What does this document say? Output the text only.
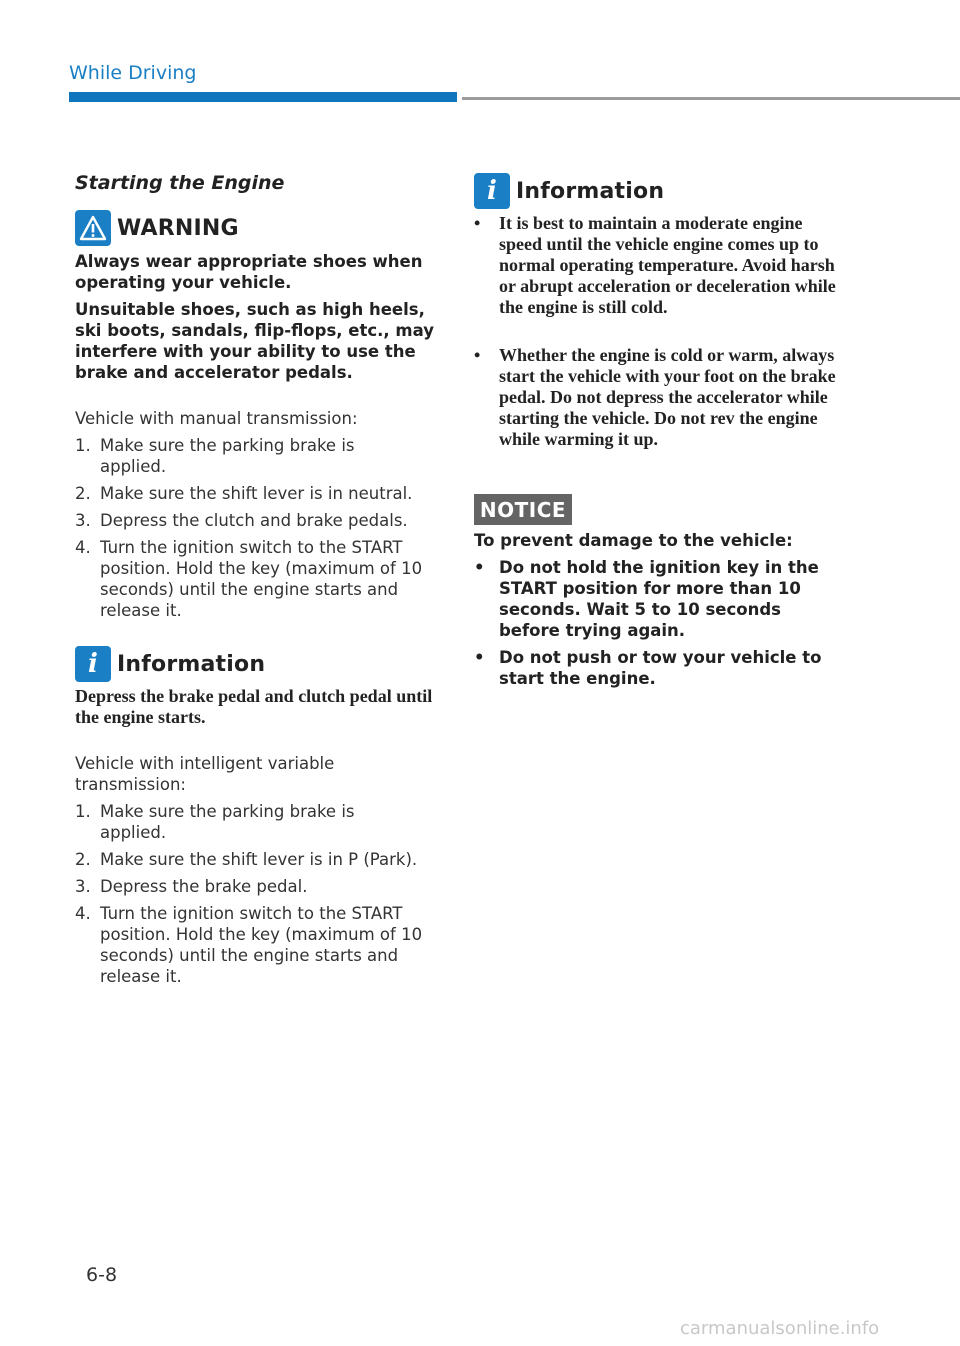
While Driving
Starting the Engine
WARNING
Always wear appropriate shoes when operating your vehicle.
Unsuitable shoes, such as high heels, ski boots, sandals, flip-flops, etc., may interfere with your ability to use the brake and accelerator pedals.
Vehicle with manual transmission:
1. Make sure the parking brake is applied.
2. Make sure the shift lever is in neutral.
3. Depress the clutch and brake pedals.
4. Turn the ignition switch to the START position. Hold the key (maximum of 10 seconds) until the engine starts and release it.
i Information
Depress the brake pedal and clutch pedal until the engine starts.
Vehicle with intelligent variable transmission:
1. Make sure the parking brake is applied.
2. Make sure the shift lever is in P (Park).
3. Depress the brake pedal.
4. Turn the ignition switch to the START position. Hold the key (maximum of 10 seconds) until the engine starts and release it.
i Information
•	It is best to maintain a moderate engine speed until the vehicle engine comes up to normal operating temperature. Avoid harsh or abrupt acceleration or deceleration while the engine is still cold.
•	Whether the engine is cold or warm, always start the vehicle with your foot on the brake pedal. Do not depress the accelerator while starting the vehicle. Do not rev the engine while warming it up.
NOTICE
To prevent damage to the vehicle:
• Do not hold the ignition key in the START position for more than 10 seconds. Wait 5 to 10 seconds before trying again.
• Do not push or tow your vehicle to start the engine.
6-8
carmanualsonline.info
